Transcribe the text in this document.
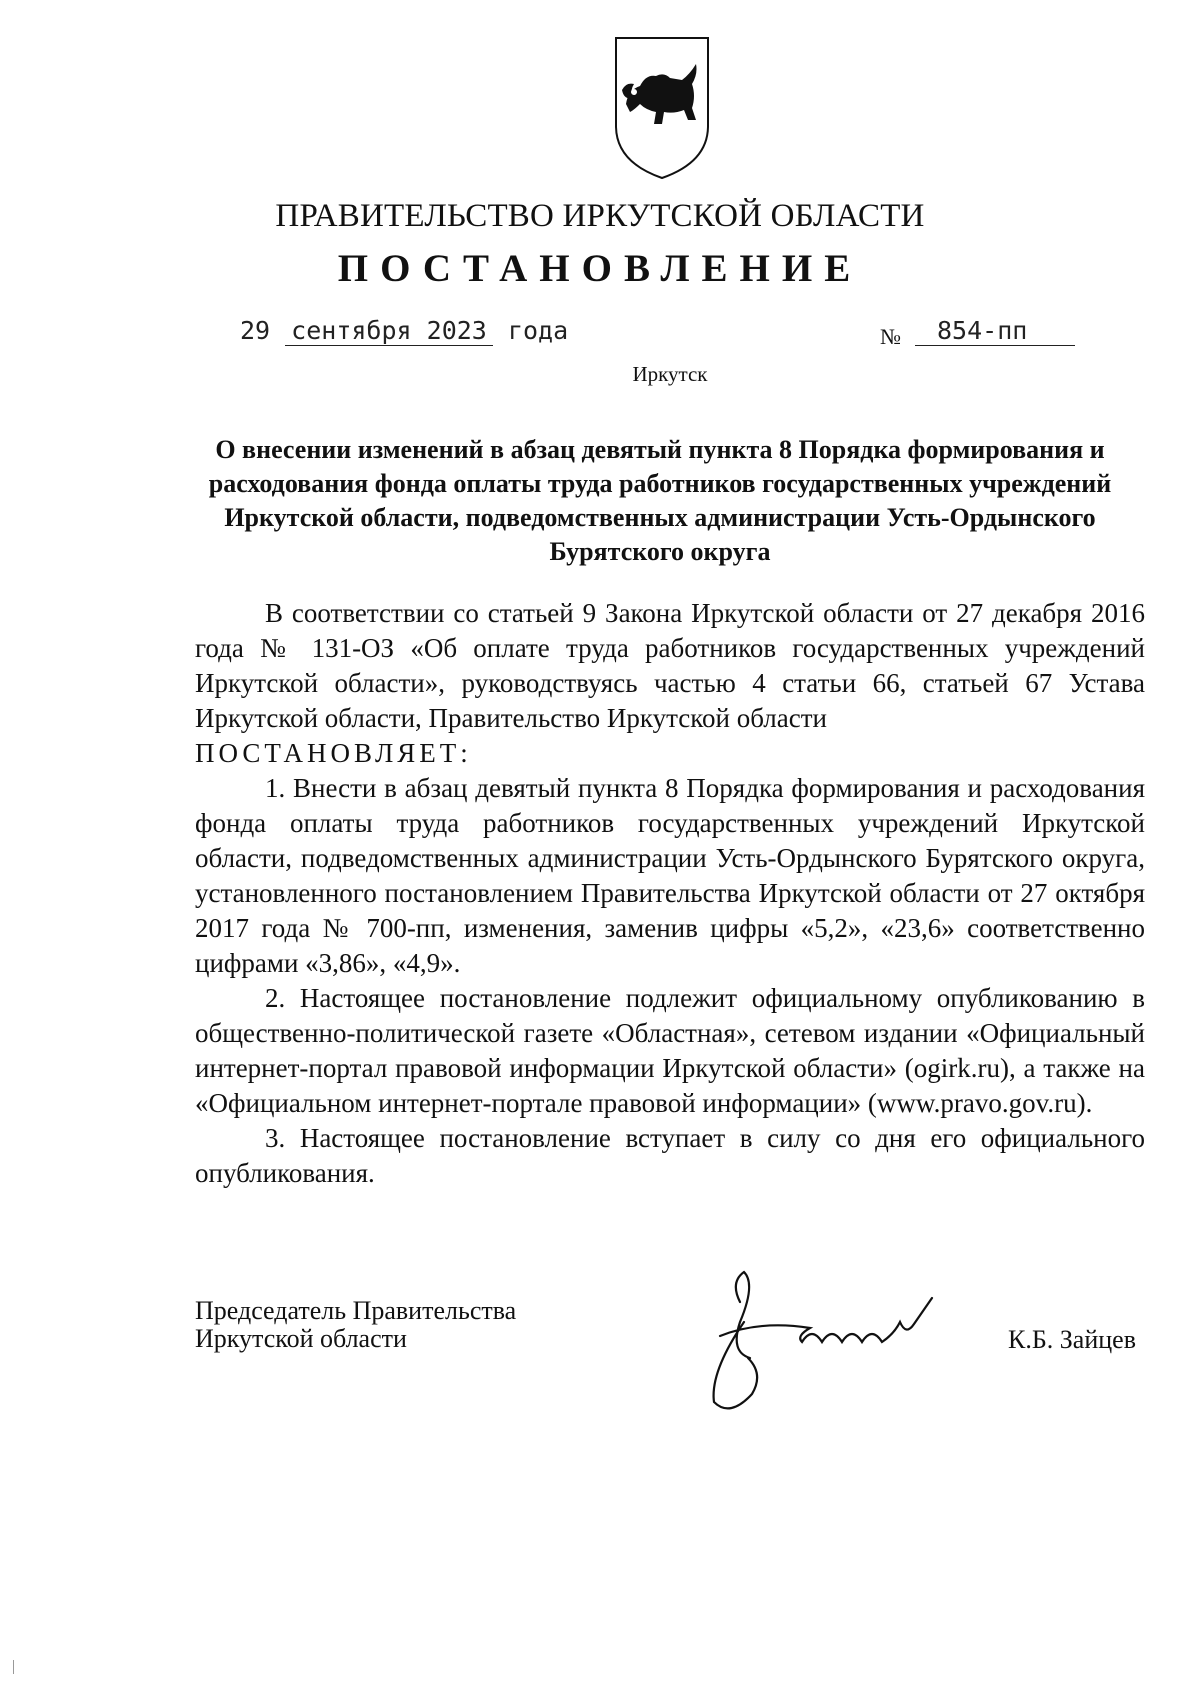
ПРАВИТЕЛЬСТВО ИРКУТСКОЙ ОБЛАСТИ
ПОСТАНОВЛЕНИЕ
29 сентября 2023 года	№	854-пп
Иркутск
О внесении изменений в абзац девятый пункта 8 Порядка формирования и расходования фонда оплаты труда работников государственных учреждений Иркутской области, подведомственных администрации Усть-Ордынского Бурятского округа

В соответствии со статьей 9 Закона Иркутской области от 27 декабря 2016 года № 131-ОЗ «Об оплате труда работников государственных учреждений Иркутской области», руководствуясь частью 4 статьи 66, статьей 67 Устава Иркутской области, Правительство Иркутской области

ПОСТАНОВЛЯЕТ:

1. Внести в абзац девятый пункта 8 Порядка формирования и расходования фонда оплаты труда работников государственных учреждений Иркутской области, подведомственных администрации Усть-Ордынского Бурятского округа, установленного постановлением Правительства Иркутской области от 27 октября 2017 года № 700-пп, изменения, заменив цифры «5,2», «23,6» соответственно цифрами «3,86», «4,9».

2. Настоящее постановление подлежит официальному опубликованию в общественно-политической газете «Областная», сетевом издании «Официальный интернет-портал правовой информации Иркутской области» (ogirk.ru), а также на «Официальном интернет-портале правовой информации» (www.pravo.gov.ru).

3. Настоящее постановление вступает в силу со дня его официального опубликования.

Председатель Правительства
Иркутской области	К.Б. Зайцев
